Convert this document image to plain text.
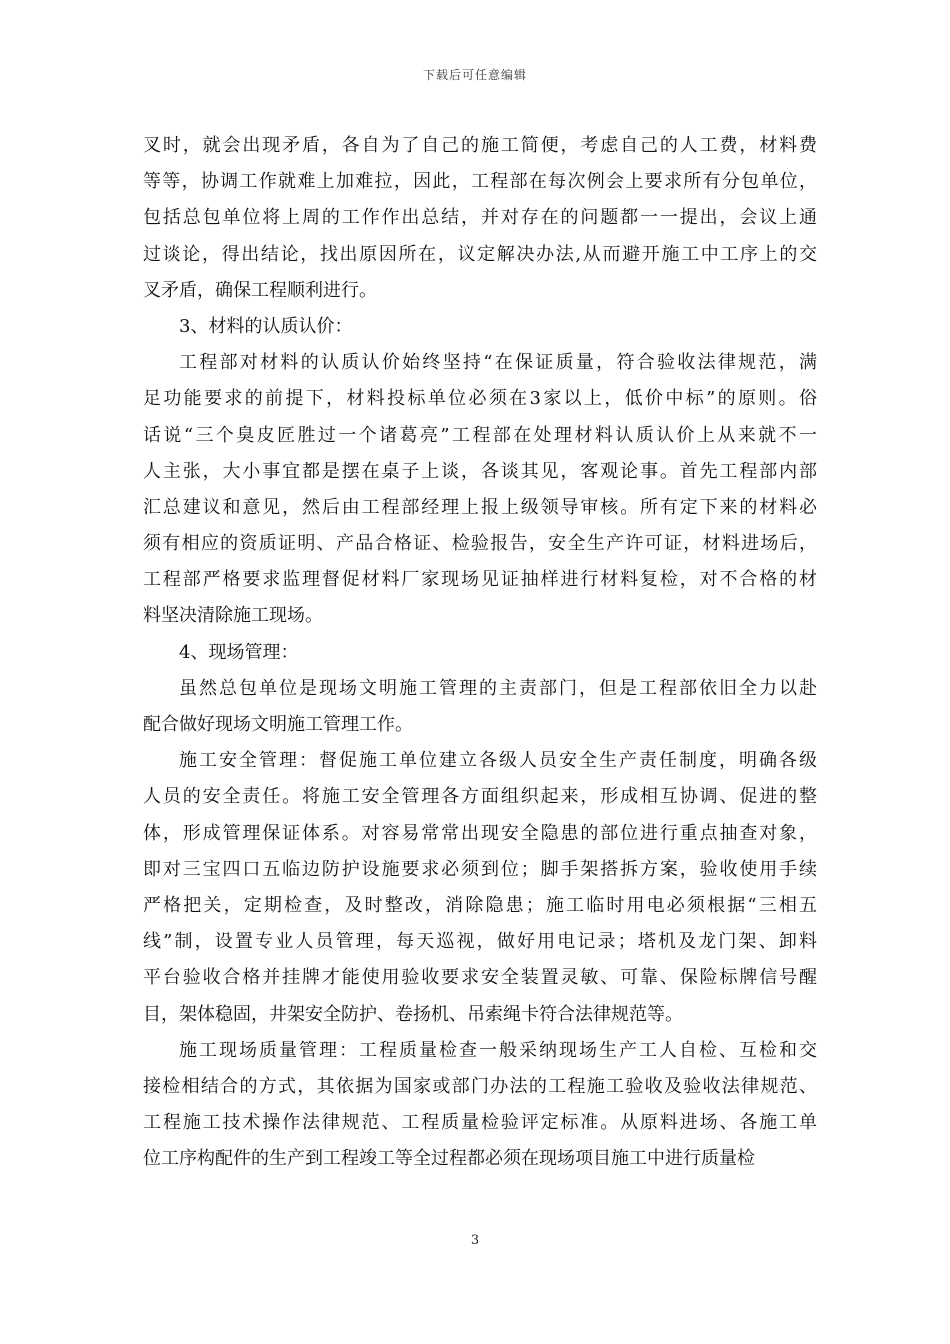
下载后可任意编辑
叉时，就会出现矛盾，各自为了自己的施工简便，考虑自己的人工费，材料费
等等，协调工作就难上加难拉，因此，工程部在每次例会上要求所有分包单位，
包括总包单位将上周的工作作出总结，并对存在的问题都一一提出，会议上通
过谈论，得出结论，找出原因所在，议定解决办法,从而避开施工中工序上的交
叉矛盾，确保工程顺利进行。
3、材料的认质认价：
工程部对材料的认质认价始终坚持“在保证质量，符合验收法律规范，满
足功能要求的前提下，材料投标单位必须在3家以上，低价中标”的原则。俗
话说“三个臭皮匠胜过一个诸葛亮”工程部在处理材料认质认价上从来就不一
人主张，大小事宜都是摆在桌子上谈，各谈其见，客观论事。首先工程部内部
汇总建议和意见，然后由工程部经理上报上级领导审核。所有定下来的材料必
须有相应的资质证明、产品合格证、检验报告，安全生产许可证，材料进场后，
工程部严格要求监理督促材料厂家现场见证抽样进行材料复检，对不合格的材
料坚决清除施工现场。
4、现场管理：
虽然总包单位是现场文明施工管理的主责部门，但是工程部依旧全力以赴
配合做好现场文明施工管理工作。
施工安全管理：督促施工单位建立各级人员安全生产责任制度，明确各级
人员的安全责任。将施工安全管理各方面组织起来，形成相互协调、促进的整
体，形成管理保证体系。对容易常常出现安全隐患的部位进行重点抽查对象，
即对三宝四口五临边防护设施要求必须到位；脚手架搭拆方案，验收使用手续
严格把关，定期检查，及时整改，消除隐患；施工临时用电必须根据“三相五
线”制，设置专业人员管理，每天巡视，做好用电记录；塔机及龙门架、卸料
平台验收合格并挂牌才能使用验收要求安全装置灵敏、可靠、保险标牌信号醒
目，架体稳固，井架安全防护、卷扬机、吊索绳卡符合法律规范等。
施工现场质量管理：工程质量检查一般采纳现场生产工人自检、互检和交
接检相结合的方式，其依据为国家或部门办法的工程施工验收及验收法律规范、
工程施工技术操作法律规范、工程质量检验评定标准。从原料进场、各施工单
位工序构配件的生产到工程竣工等全过程都必须在现场项目施工中进行质量检
3
